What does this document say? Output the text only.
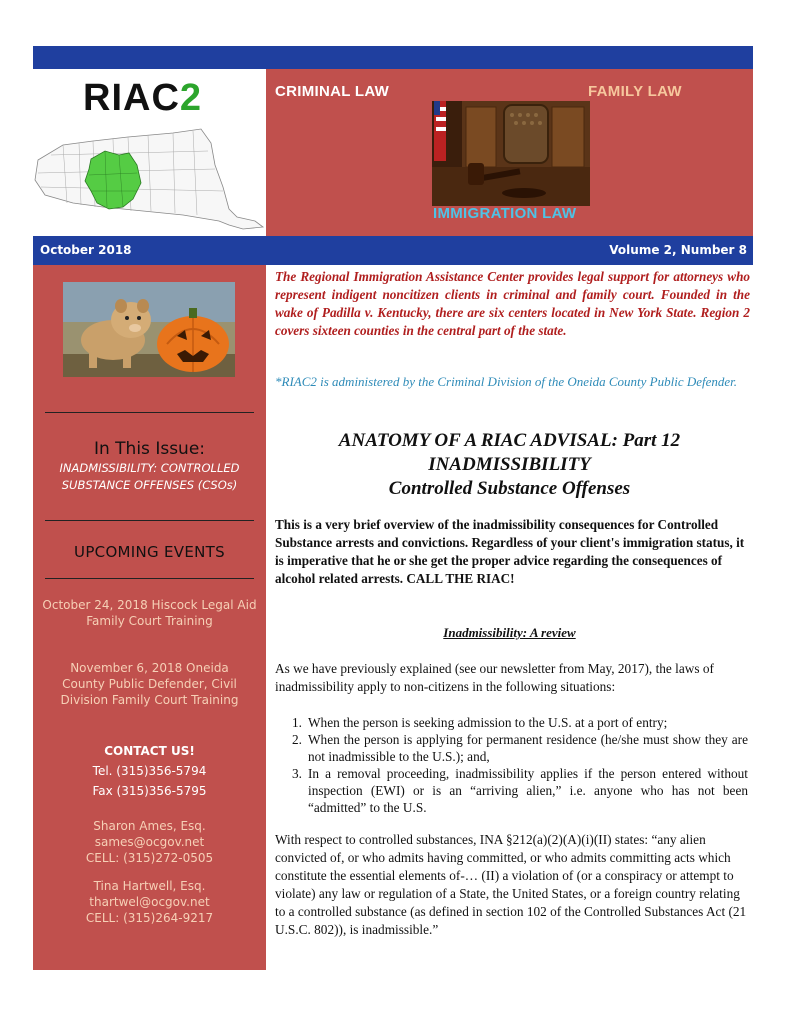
RIAC2	CRIMINAL LAW	FAMILY LAW
IMMIGRATION LAW
October 2018	Volume 2, Number 8
In This Issue:
INADMISSIBILITY: CONTROLLED SUBSTANCE OFFENSES (CSOs)
UPCOMING EVENTS
October 24, 2018 Hiscock Legal Aid Family Court Training
November 6, 2018 Oneida County Public Defender, Civil Division Family Court Training
CONTACT US!
Tel. (315)356-5794
Fax (315)356-5795
Sharon Ames, Esq.
sames@ocgov.net
CELL: (315)272-0505
Tina Hartwell, Esq.
thartwel@ocgov.net
CELL: (315)264-9217

The Regional Immigration Assistance Center provides legal support for attorneys who represent indigent noncitizen clients in criminal and family court. Founded in the wake of Padilla v. Kentucky, there are six centers located in New York State. Region 2 covers sixteen counties in the central part of the state.

*RIAC2 is administered by the Criminal Division of the Oneida County Public Defender.

ANATOMY OF A RIAC ADVISAL: Part 12
INADMISSIBILITY
Controlled Substance Offenses

This is a very brief overview of the inadmissibility consequences for Controlled Substance arrests and convictions. Regardless of your client's immigration status, it is imperative that he or she get the proper advice regarding the consequences of alcohol related arrests. CALL THE RIAC!

Inadmissibility: A review

As we have previously explained (see our newsletter from May, 2017), the laws of inadmissibility apply to non-citizens in the following situations:

1. When the person is seeking admission to the U.S. at a port of entry;
2. When the person is applying for permanent residence (he/she must show they are not inadmissible to the U.S.); and,
3. In a removal proceeding, inadmissibility applies if the person entered without inspection (EWI) or is an “arriving alien,” i.e. anyone who has not been “admitted” to the U.S.

With respect to controlled substances, INA §212(a)(2)(A)(i)(II) states: “any alien convicted of, or who admits having committed, or who admits committing acts which constitute the essential elements of-… (II) a violation of (or a conspiracy or attempt to violate) any law or regulation of a State, the United States, or a foreign country relating to a controlled substance (as defined in section 102 of the Controlled Substances Act (21 U.S.C. 802)), is inadmissible.”
